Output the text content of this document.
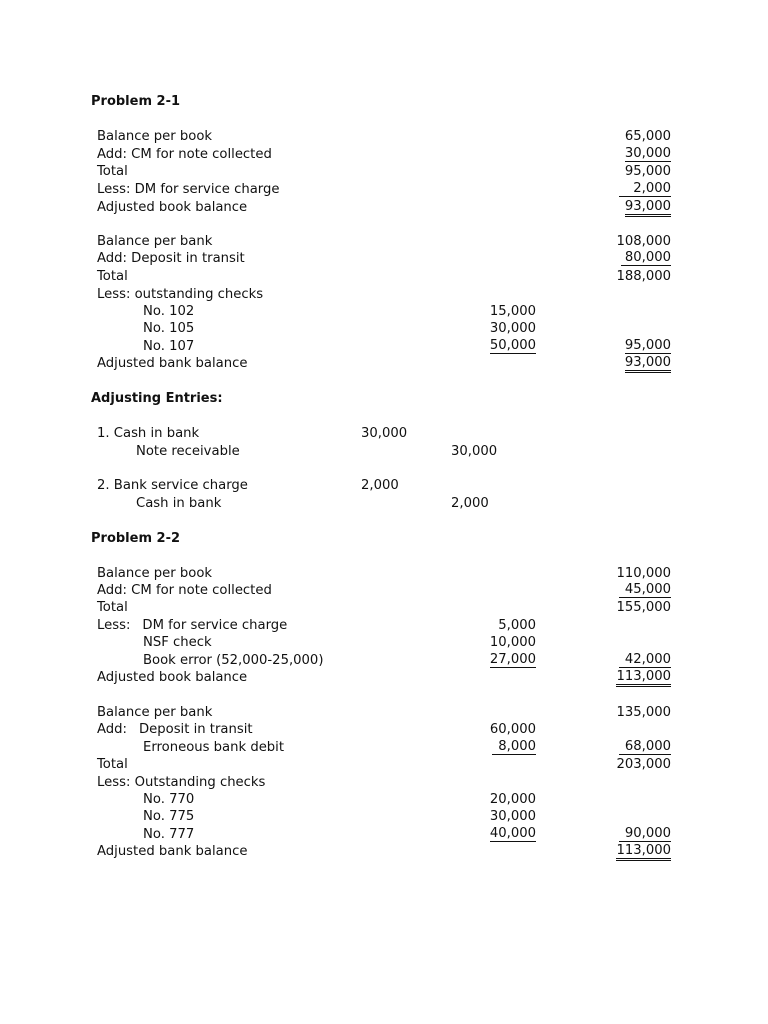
Problem 2-1
Balance per book	65,000
Add: CM for note collected	30,000
Total	95,000
Less: DM for service charge	2,000
Adjusted book balance	93,000
Balance per bank	108,000
Add: Deposit in transit	80,000
Total	188,000
Less: outstanding checks
No. 102	15,000
No. 105	30,000
No. 107	50,000	95,000
Adjusted bank balance	93,000
Adjusting Entries:
1. Cash in bank	30,000
Note receivable	30,000
2. Bank service charge	2,000
Cash in bank	2,000
Problem 2-2
Balance per book	110,000
Add: CM for note collected	45,000
Total	155,000
Less: DM for service charge	5,000
NSF check	10,000
Book error (52,000-25,000)	27,000	42,000
Adjusted book balance	113,000
Balance per bank	135,000
Add: Deposit in transit	60,000
Erroneous bank debit	8,000	68,000
Total	203,000
Less: Outstanding checks
No. 770	20,000
No. 775	30,000
No. 777	40,000	90,000
Adjusted bank balance	113,000
